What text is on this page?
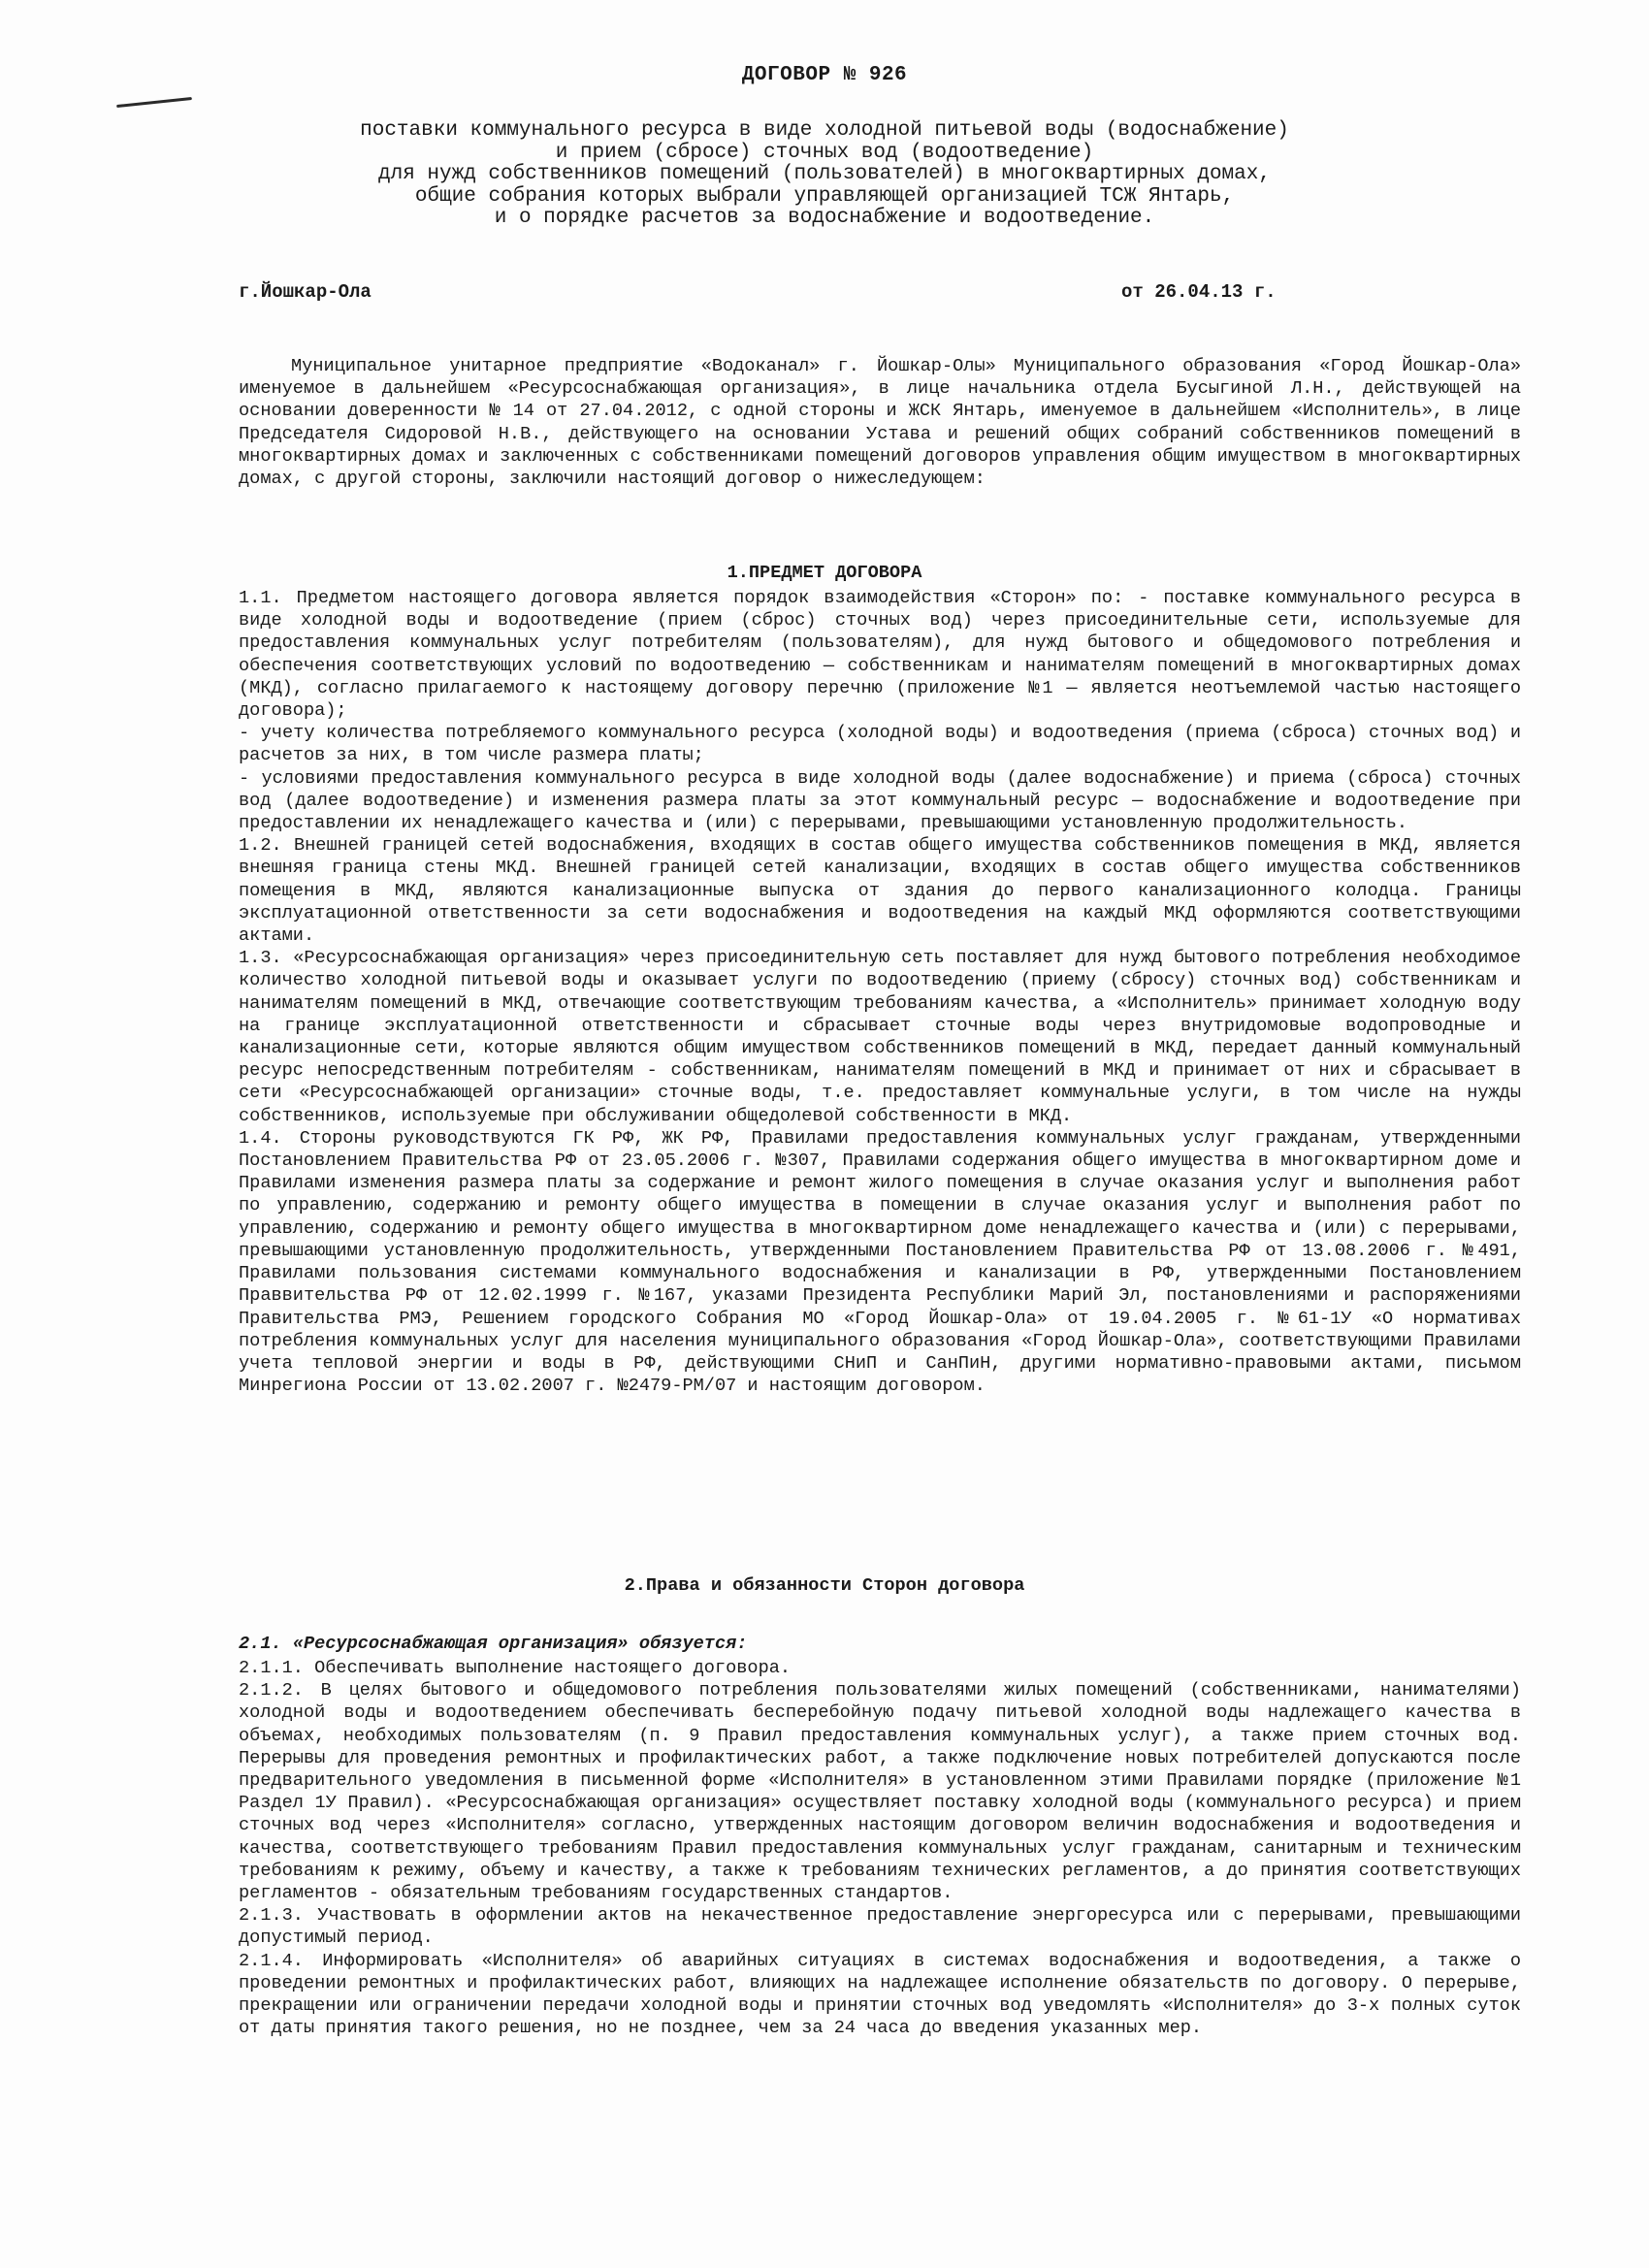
ДОГОВОР № 926
поставки коммунального ресурса в виде холодной питьевой воды (водоснабжение)
и прием (сбросе) сточных вод (водоотведение)
для нужд собственников помещений (пользователей) в многоквартирных домах,
общие собрания которых выбрали управляющей организацией ТСЖ Янтарь,
и о порядке расчетов за водоснабжение и водоотведение.
г.Йошкар-Ола	от 26.04.13 г.

Муниципальное унитарное предприятие «Водоканал» г. Йошкар-Олы» Муниципального образования «Город Йошкар-Ола» именуемое в дальнейшем «Ресурсоснабжающая организация», в лице начальника отдела Бусыгиной Л.Н., действующей на основании доверенности № 14 от 27.04.2012, с одной стороны и ЖСК Янтарь, именуемое в дальнейшем «Исполнитель», в лице Председателя Сидоровой Н.В., действующего на основании Устава и решений общих собраний собственников помещений в многоквартирных домах и заключенных с собственниками помещений договоров управления общим имуществом в многоквартирных домах, с другой стороны, заключили настоящий договор о нижеследующем:

1.ПРЕДМЕТ ДОГОВОРА

1.1. Предметом настоящего договора является порядок взаимодействия «Сторон» по: - поставке коммунального ресурса в виде холодной воды и водоотведение (прием (сброс) сточных вод) через присоединительные сети, используемые для предоставления коммунальных услуг потребителям (пользователям), для нужд бытового и общедомового потребления и обеспечения соответствующих условий по водоотведению — собственникам и нанимателям помещений в многоквартирных домах (МКД), согласно прилагаемого к настоящему договору перечню (приложение №1 — является неотъемлемой частью настоящего договора);

- учету количества потребляемого коммунального ресурса (холодной воды) и водоотведения (приема (сброса) сточных вод) и расчетов за них, в том числе размера платы;

- условиями предоставления коммунального ресурса в виде холодной воды (далее водоснабжение) и приема (сброса) сточных вод (далее водоотведение) и изменения размера платы за этот коммунальный ресурс — водоснабжение и водоотведение при предоставлении их ненадлежащего качества и (или) с перерывами, превышающими установленную продолжительность.

1.2. Внешней границей сетей водоснабжения, входящих в состав общего имущества собственников помещения в МКД, является внешняя граница стены МКД. Внешней границей сетей канализации, входящих в состав общего имущества собственников помещения в МКД, являются канализационные выпуска от здания до первого канализационного колодца. Границы эксплуатационной ответственности за сети водоснабжения и водоотведения на каждый МКД оформляются соответствующими актами.

1.3. «Ресурсоснабжающая организация» через присоединительную сеть поставляет для нужд бытового потребления необходимое количество холодной питьевой воды и оказывает услуги по водоотведению (приему (сбросу) сточных вод) собственникам и нанимателям помещений в МКД, отвечающие соответствующим требованиям качества, а «Исполнитель» принимает холодную воду на границе эксплуатационной ответственности и сбрасывает сточные воды через внутридомовые водопроводные и канализационные сети, которые являются общим имуществом собственников помещений в МКД, передает данный коммунальный ресурс непосредственным потребителям - собственникам, нанимателям помещений в МКД и принимает от них и сбрасывает в сети «Ресурсоснабжающей организации» сточные воды, т.е. предоставляет коммунальные услуги, в том числе на нужды собственников, используемые при обслуживании общедолевой собственности в МКД.

1.4. Стороны руководствуются ГК РФ, ЖК РФ, Правилами предоставления коммунальных услуг гражданам, утвержденными Постановлением Правительства РФ от 23.05.2006 г. №307, Правилами содержания общего имущества в многоквартирном доме и Правилами изменения размера платы за содержание и ремонт жилого помещения в случае оказания услуг и выполнения работ по управлению, содержанию и ремонту общего имущества в помещении в случае оказания услуг и выполнения работ по управлению, содержанию и ремонту общего имущества в многоквартирном доме ненадлежащего качества и (или) с перерывами, превышающими установленную продолжительность, утвержденными Постановлением Правительства РФ от 13.08.2006 г. №491, Правилами пользования системами коммунального водоснабжения и канализации в РФ, утвержденными Постановлением Праввительства РФ от 12.02.1999 г. №167, указами Президента Республики Марий Эл, постановлениями и распоряжениями Правительства РМЭ, Решением городского Собрания МО «Город Йошкар-Ола» от 19.04.2005 г. №61-1У «О нормативах потребления коммунальных услуг для населения муниципального образования «Город Йошкар-Ола», соответствующими Правилами учета тепловой энергии и воды в РФ, действующими СНиП и СанПиН, другими нормативно-правовыми актами, письмом Минрегиона России от 13.02.2007 г. №2479-РМ/07 и настоящим договором.

2.Права и обязанности Сторон договора
2.1. «Ресурсоснабжающая организация» обязуется:

2.1.1. Обеспечивать выполнение настоящего договора.

2.1.2. В целях бытового и общедомового потребления пользователями жилых помещений (собственниками, нанимателями) холодной воды и водоотведением обеспечивать бесперебойную подачу питьевой холодной воды надлежащего качества в объемах, необходимых пользователям (п. 9 Правил предоставления коммунальных услуг), а также прием сточных вод. Перерывы для проведения ремонтных и профилактических работ, а также подключение новых потребителей допускаются после предварительного уведомления в письменной форме «Исполнителя» в установленном этими Правилами порядке (приложение №1 Раздел 1У Правил). «Ресурсоснабжающая организация» осуществляет поставку холодной воды (коммунального ресурса) и прием сточных вод через «Исполнителя» согласно, утвержденных настоящим договором величин водоснабжения и водоотведения и качества, соответствующего требованиям Правил предоставления коммунальных услуг гражданам, санитарным и техническим требованиям к режиму, объему и качеству, а также к требованиям технических регламентов, а до принятия соответствующих регламентов - обязательным требованиям государственных стандартов.

2.1.3. Участвовать в оформлении актов на некачественное предоставление энергоресурса или с перерывами, превышающими допустимый период.

2.1.4. Информировать «Исполнителя» об аварийных ситуациях в системах водоснабжения и водоотведения, а также о проведении ремонтных и профилактических работ, влияющих на надлежащее исполнение обязательств по договору. О перерыве, прекращении или ограничении передачи холодной воды и принятии сточных вод уведомлять «Исполнителя» до 3-х полных суток от даты принятия такого решения, но не позднее, чем за 24 часа до введения указанных мер.
